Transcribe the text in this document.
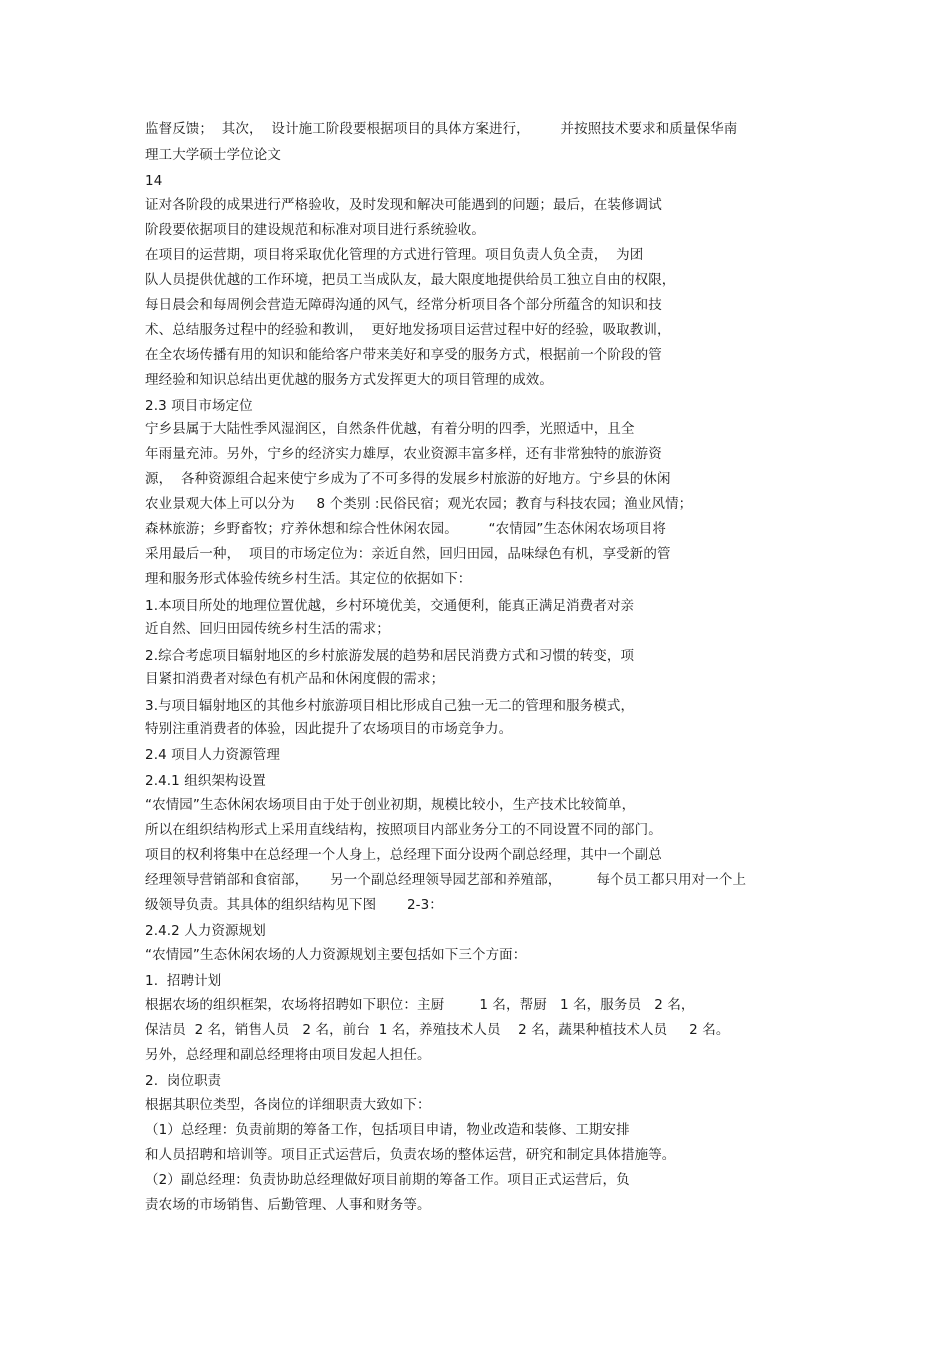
监督反馈；  其次，  设计施工阶段要根据项目的具体方案进行，       并按照技术要求和质量保华南
理工大学硕士学位论文
14
证对各阶段的成果进行严格验收，及时发现和解决可能遇到的问题；最后，在装修调试
阶段要依据项目的建设规范和标准对项目进行系统验收。
在项目的运营期，项目将采取优化管理的方式进行管理。项目负责人负全责，  为团
队人员提供优越的工作环境，把员工当成队友，最大限度地提供给员工独立自由的权限，
每日晨会和每周例会营造无障碍沟通的风气，经常分析项目各个部分所蕴含的知识和技
术、总结服务过程中的经验和教训，  更好地发扬项目运营过程中好的经验，吸取教训，
在全农场传播有用的知识和能给客户带来美好和享受的服务方式，根据前一个阶段的管
理经验和知识总结出更优越的服务方式发挥更大的项目管理的成效。
2.3 项目市场定位
宁乡县属于大陆性季风湿润区，自然条件优越，有着分明的四季，光照适中，且全
年雨量充沛。另外，宁乡的经济实力雄厚，农业资源丰富多样，还有非常独特的旅游资
源，  各种资源组合起来使宁乡成为了不可多得的发展乡村旅游的好地方。宁乡县的休闲
农业景观大体上可以分为     8 个类别 :民俗民宿；观光农园；教育与科技农园；渔业风情；
森林旅游；乡野畜牧；疗养休想和综合性休闲农园。       “农情园”生态休闲农场项目将
采用最后一种，  项目的市场定位为：亲近自然，回归田园，品味绿色有机，享受新的管
理和服务形式体验传统乡村生活。其定位的依据如下：
1.本项目所处的地理位置优越，乡村环境优美，交通便利，能真正满足消费者对亲
近自然、回归田园传统乡村生活的需求；
2.综合考虑项目辐射地区的乡村旅游发展的趋势和居民消费方式和习惯的转变，项
目紧扣消费者对绿色有机产品和休闲度假的需求；
3.与项目辐射地区的其他乡村旅游项目相比形成自己独一无二的管理和服务模式，
特别注重消费者的体验，因此提升了农场项目的市场竞争力。
2.4 项目人力资源管理
2.4.1 组织架构设置
“农情园”生态休闲农场项目由于处于创业初期，规模比较小，生产技术比较简单，
所以在组织结构形式上采用直线结构，按照项目内部业务分工的不同设置不同的部门。
项目的权利将集中在总经理一个人身上，总经理下面分设两个副总经理，其中一个副总
经理领导营销部和食宿部，     另一个副总经理领导园艺部和养殖部，        每个员工都只用对一个上
级领导负责。其具体的组织结构见下图       2-3：
2.4.2 人力资源规划
“农情园”生态休闲农场的人力资源规划主要包括如下三个方面：
1.  招聘计划
根据农场的组织框架，农场将招聘如下职位：主厨        1 名，帮厨   1 名，服务员   2 名，
保洁员  2 名，销售人员   2 名，前台  1 名，养殖技术人员    2 名，蔬果种植技术人员     2 名。
另外，总经理和副总经理将由项目发起人担任。
2.  岗位职责
根据其职位类型，各岗位的详细职责大致如下：
（1）总经理：负责前期的筹备工作，包括项目申请，物业改造和装修、工期安排
和人员招聘和培训等。项目正式运营后，负责农场的整体运营，研究和制定具体措施等。
（2）副总经理：负责协助总经理做好项目前期的筹备工作。项目正式运营后，负
责农场的市场销售、后勤管理、人事和财务等。
